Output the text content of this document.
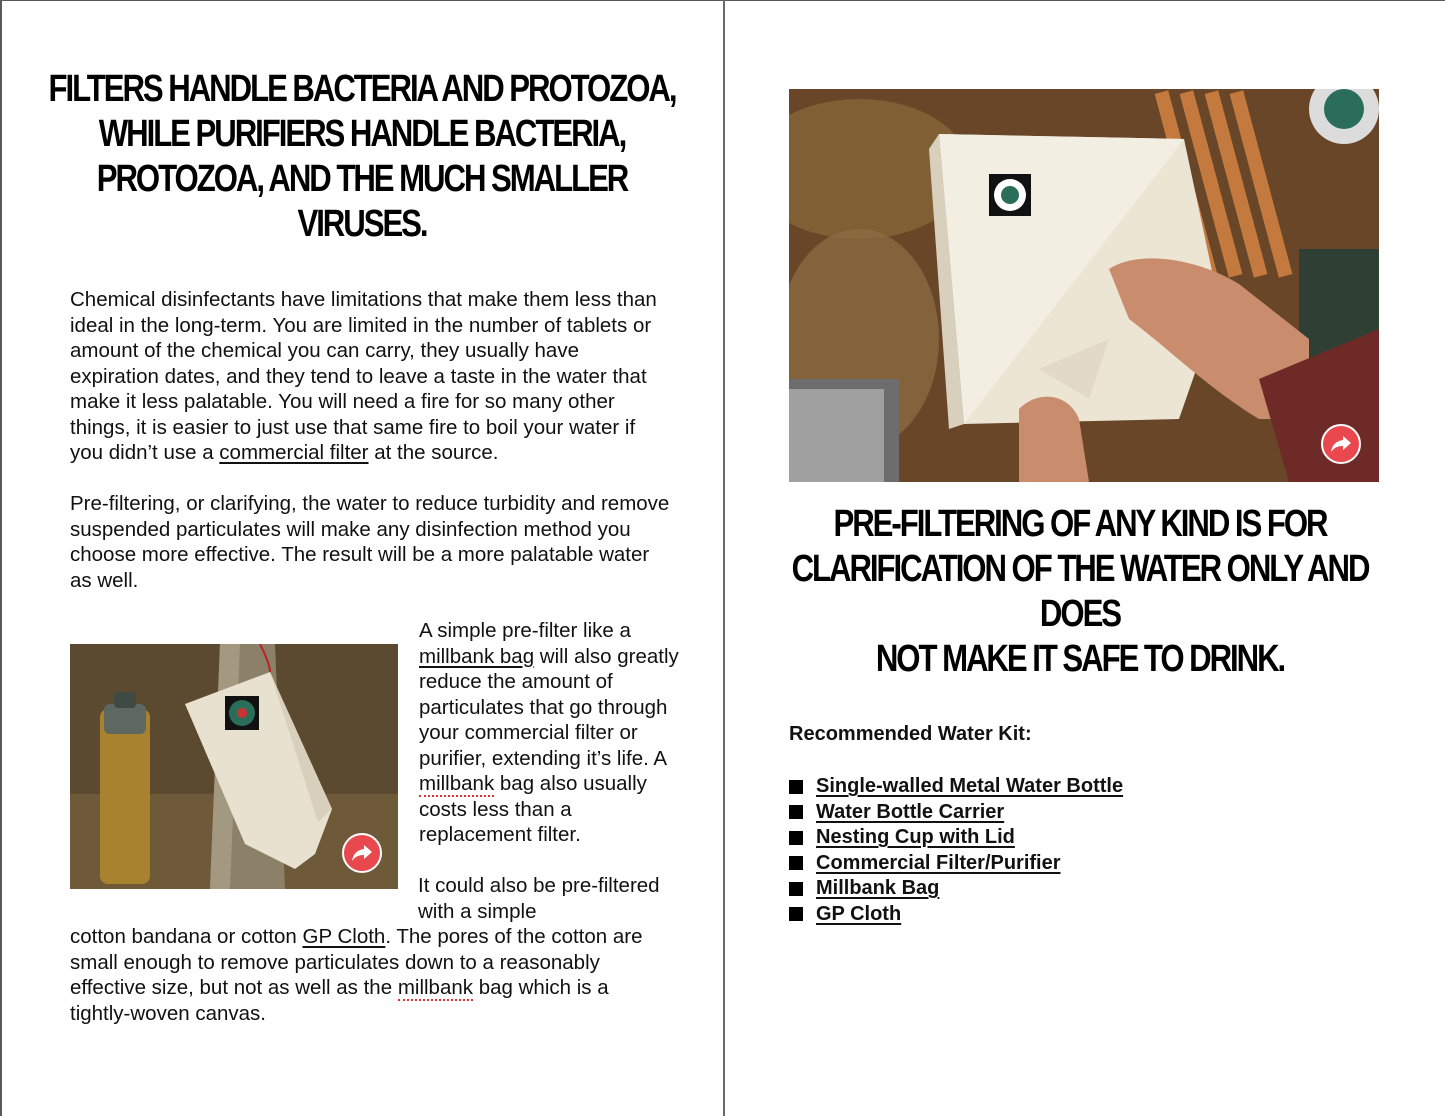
FILTERS HANDLE BACTERIA AND PROTOZOA,
WHILE PURIFIERS HANDLE BACTERIA,
PROTOZOA, AND THE MUCH SMALLER VIRUSES.

Chemical disinfectants have limitations that make them less than ideal in the long-term. You are limited in the number of tablets or amount of the chemical you can carry, they usually have expiration dates, and they tend to leave a taste in the water that make it less palatable. You will need a fire for so many other things, it is easier to just use that same fire to boil your water if you didn’t use a commercial filter at the source.

Pre-filtering, or clarifying, the water to reduce turbidity and remove suspended particulates will make any disinfection method you choose more effective. The result will be a more palatable water as well.

A simple pre-filter like a millbank bag will also greatly reduce the amount of particulates that go through your commercial filter or purifier, extending it’s life. A millbank bag also usually costs less than a replacement filter.

It could also be pre-filtered with a simple

cotton bandana or cotton GP Cloth. The pores of the cotton are small enough to remove particulates down to a reasonably effective size, but not as well as the millbank bag which is a tightly-woven canvas.

PRE-FILTERING OF ANY KIND IS FOR
CLARIFICATION OF THE WATER ONLY AND DOES
NOT MAKE IT SAFE TO DRINK.

Recommended Water Kit:

Single-walled Metal Water Bottle
Water Bottle Carrier
Nesting Cup with Lid
Commercial Filter/Purifier
Millbank Bag
GP Cloth
